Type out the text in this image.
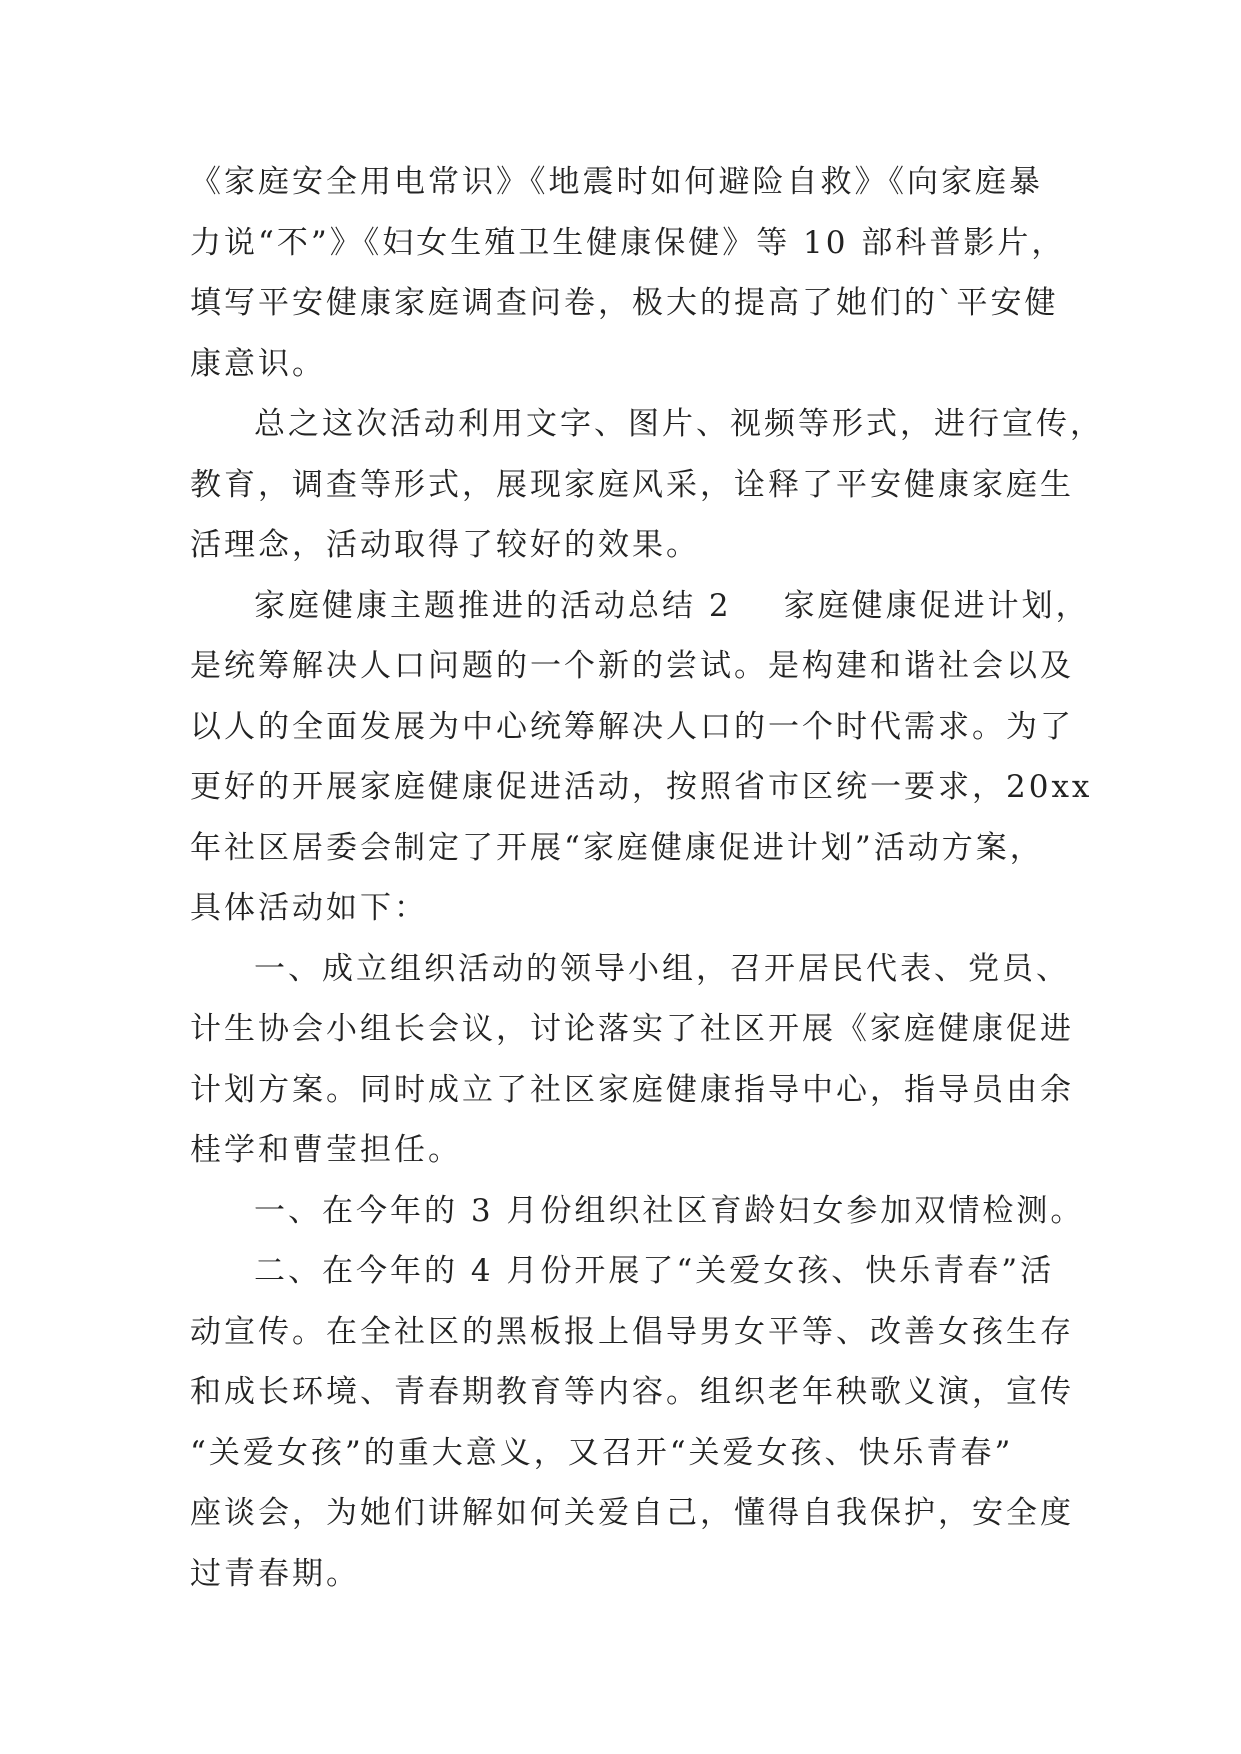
《家庭安全用电常识》《地震时如何避险自救》《向家庭暴
力说“不”》《妇女生殖卫生健康保健》等 10 部科普影片，
填写平安健康家庭调查问卷，极大的提高了她们的`平安健
康意识。

总之这次活动利用文字、图片、视频等形式，进行宣传，
教育，调查等形式，展现家庭风采，诠释了平安健康家庭生
活理念，活动取得了较好的效果。

家庭健康主题推进的活动总结 2 家庭健康促进计划，
是统筹解决人口问题的一个新的尝试。是构建和谐社会以及
以人的全面发展为中心统筹解决人口的一个时代需求。为了
更好的开展家庭健康促进活动，按照省市区统一要求，20xx
年社区居委会制定了开展“家庭健康促进计划”活动方案，
具体活动如下：

一、成立组织活动的领导小组，召开居民代表、党员、
计生协会小组长会议，讨论落实了社区开展《家庭健康促进
计划方案。同时成立了社区家庭健康指导中心，指导员由余
桂学和曹莹担任。

一、在今年的 3 月份组织社区育龄妇女参加双情检测。

二、在今年的 4 月份开展了“关爱女孩、快乐青春”活
动宣传。在全社区的黑板报上倡导男女平等、改善女孩生存
和成长环境、青春期教育等内容。组织老年秧歌义演，宣传
“关爱女孩”的重大意义，又召开“关爱女孩、快乐青春”
座谈会，为她们讲解如何关爱自己，懂得自我保护，安全度
过青春期。
